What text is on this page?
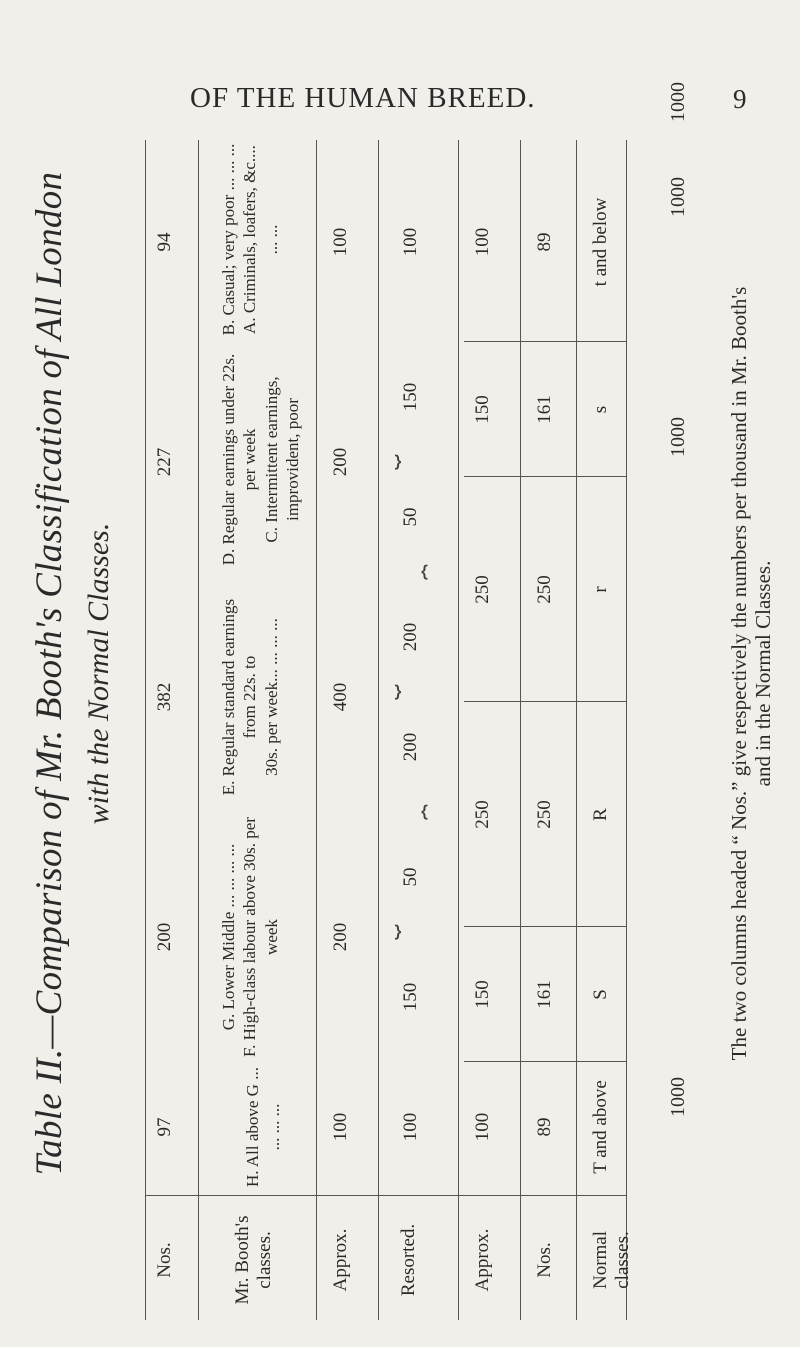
OF THE HUMAN BREED.	9
Table II.—Comparison of Mr. Booth's Classification of All London with the Normal Classes.
Nos.
97
200
382
227
94
Mr. Booth's classes.
H. All above G ... ... ... ...
G. Lower Middle ... ... ... ... F. High-class labour above 30s. per week
E. Regular standard earnings from 22s. to 30s. per week... ... ... ...
D. Regular earnings under 22s. per week C. Intermittent earnings, improvident, poor
B. Casual; very poor ... ... ... A. Criminals, loafers, &c.... ... ...
Approx.
100
200
400
200
100
Resorted.
100
150
50
200
200
50
150
100
⏟
⏟
⏟
⏞
⏞
Approx.
100
150
250
250
150
100
Nos.
89
161
250
250
161
89
Normal classes.
T and above
S
R
r
s
t and below
1000
1000
1000
1000
The two columns headed “ Nos.” give respectively the numbers per thousand in Mr. Booth's and in the Normal Classes.
